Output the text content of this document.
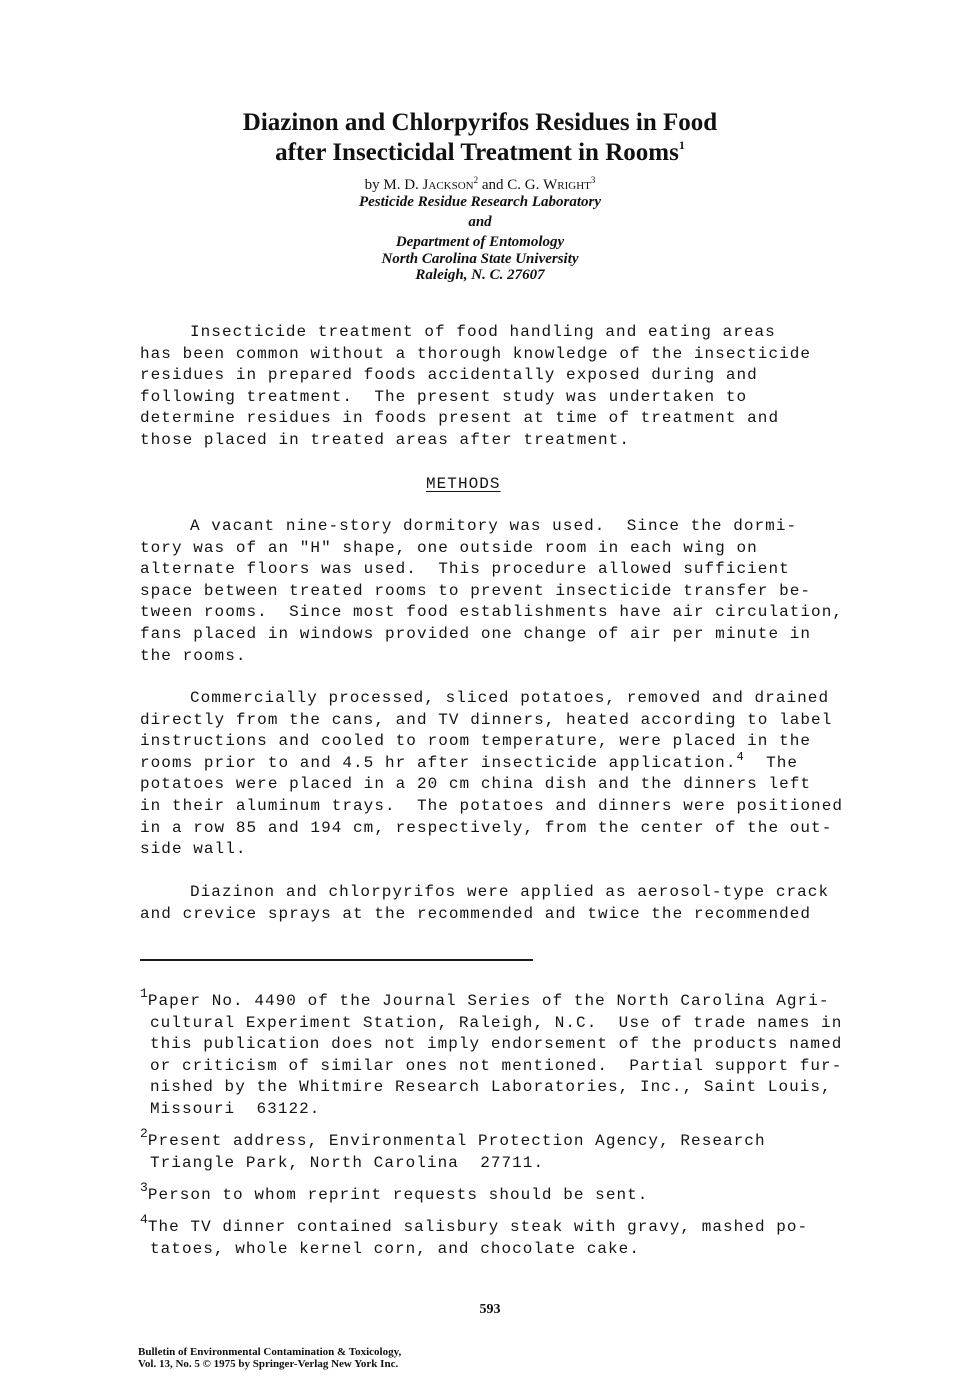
Diazinon and Chlorpyrifos Residues in Food
after Insecticidal Treatment in Rooms$^1$
by M. D. Jackson$^2$ and C. G. Wright$^3$
Pesticide Residue Research Laboratory
and
Department of Entomology
North Carolina State University
Raleigh, N. C. 27607
Insecticide treatment of food handling and eating areas
has been common without a thorough knowledge of the insecticide
residues in prepared foods accidentally exposed during and
following treatment.  The present study was undertaken to
determine residues in foods present at time of treatment and
those placed in treated areas after treatment.
METHODS
A vacant nine-story dormitory was used.  Since the dormi-
tory was of an "H" shape, one outside room in each wing on
alternate floors was used.  This procedure allowed sufficient
space between treated rooms to prevent insecticide transfer be-
tween rooms.  Since most food establishments have air circulation,
fans placed in windows provided one change of air per minute in
the rooms.
Commercially processed, sliced potatoes, removed and drained
directly from the cans, and TV dinners, heated according to label
instructions and cooled to room temperature, were placed in the
rooms prior to and 4.5 hr after insecticide application.$^4$  The
potatoes were placed in a 20 cm china dish and the dinners left
in their aluminum trays.  The potatoes and dinners were positioned
in a row 85 and 194 cm, respectively, from the center of the out-
side wall.
Diazinon and chlorpyrifos were applied as aerosol-type crack
and crevice sprays at the recommended and twice the recommended
$^1$Paper No. 4490 of the Journal Series of the North Carolina Agri-
cultural Experiment Station, Raleigh, N.C.  Use of trade names in
this publication does not imply endorsement of the products named
or criticism of similar ones not mentioned.  Partial support fur-
nished by the Whitmire Research Laboratories, Inc., Saint Louis,
Missouri  63122.
$^2$Present address, Environmental Protection Agency, Research
Triangle Park, North Carolina  27711.
$^3$Person to whom reprint requests should be sent.
$^4$The TV dinner contained salisbury steak with gravy, mashed po-
tatoes, whole kernel corn, and chocolate cake.
593
Bulletin of Environmental Contamination & Toxicology,
Vol. 13, No. 5 © 1975 by Springer-Verlag New York Inc.
